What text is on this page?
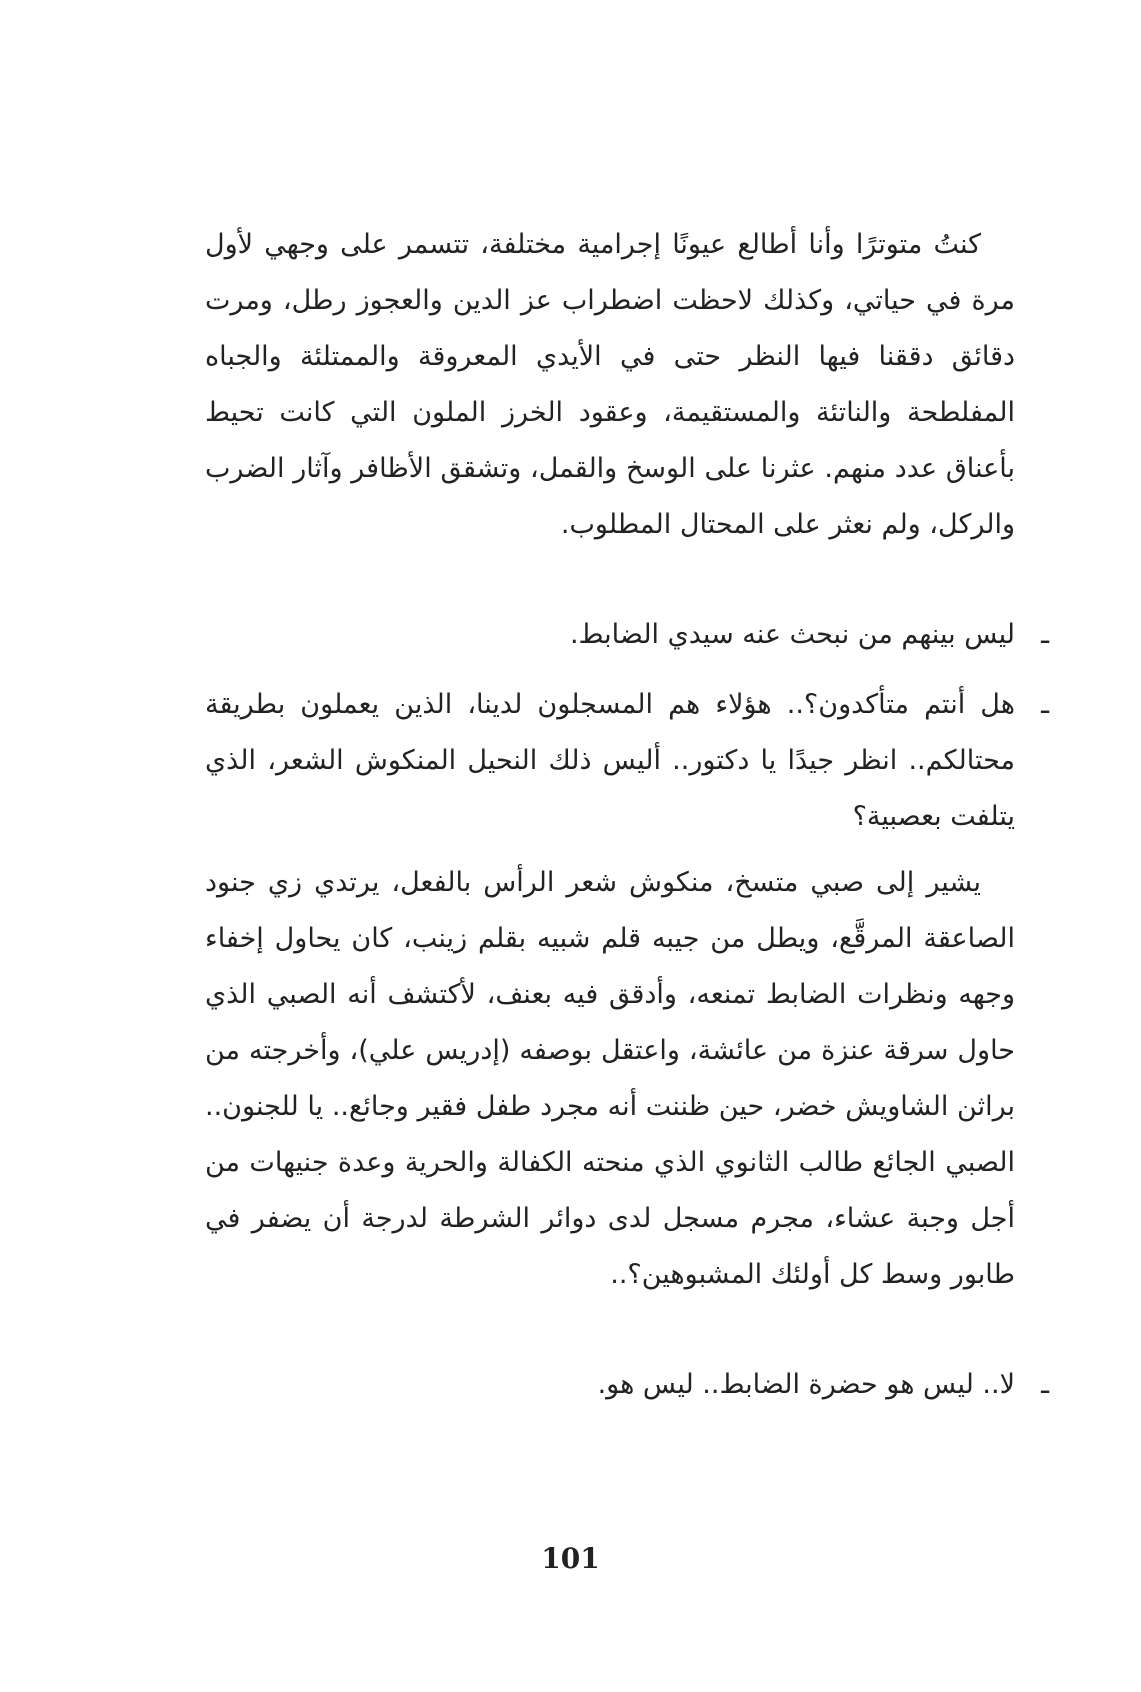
كنتُ متوترًا وأنا أطالع عيونًا إجرامية مختلفة، تتسمر على وجهي لأول مرة في حياتي، وكذلك لاحظت اضطراب عز الدين والعجوز رطل، ومرت دقائق دققنا فيها النظر حتى في الأيدي المعروقة والممتلئة والجباه المفلطحة والناتئة والمستقيمة، وعقود الخرز الملون التي كانت تحيط بأعناق عدد منهم. عثرنا على الوسخ والقمل، وتشقق الأظافر وآثار الضرب والركل، ولم نعثر على المحتال المطلوب.

ـليس بينهم من نبحث عنه سيدي الضابط.

ـهل أنتم متأكدون؟.. هؤلاء هم المسجلون لدينا، الذين يعملون بطريقة محتالكم.. انظر جيدًا يا دكتور.. أليس ذلك النحيل المنكوش الشعر، الذي يتلفت بعصبية؟

يشير إلى صبي متسخ، منكوش شعر الرأس بالفعل، يرتدي زي جنود الصاعقة المرقَّع، ويطل من جيبه قلم شبيه بقلم زينب، كان يحاول إخفاء وجهه ونظرات الضابط تمنعه، وأدقق فيه بعنف، لأكتشف أنه الصبي الذي حاول سرقة عنزة من عائشة، واعتقل بوصفه (إدريس علي)، وأخرجته من براثن الشاويش خضر، حين ظننت أنه مجرد طفل فقير وجائع.. يا للجنون.. الصبي الجائع طالب الثانوي الذي منحته الكفالة والحرية وعدة جنيهات من أجل وجبة عشاء، مجرم مسجل لدى دوائر الشرطة لدرجة أن يضفر في طابور وسط كل أولئك المشبوهين؟..

ـلا.. ليس هو حضرة الضابط.. ليس هو.

101
